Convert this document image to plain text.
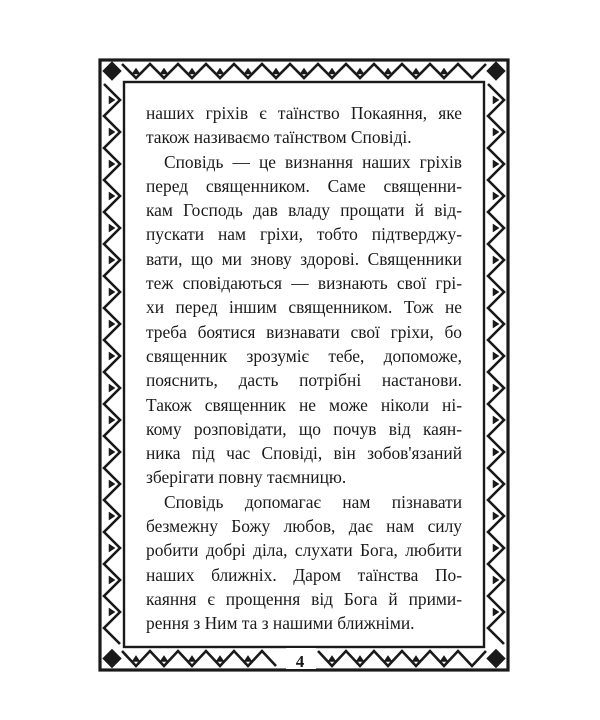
наших гріхів є таїнство Покаяння, яке
також називаємо таїнством Сповіді.
Сповідь — це визнання наших гріхів
перед священником. Саме священни-
кам Господь дав владу прощати й від-
пускати нам гріхи, тобто підтверджу-
вати, що ми знову здорові. Священники
теж сповідаються — визнають свої грі-
хи перед іншим священником. Тож не
треба боятися визнавати свої гріхи, бо
священник зрозуміє тебе, допоможе,
пояснить, дасть потрібні настанови.
Також священник не може ніколи ні-
кому розповідати, що почув від каян-
ника під час Сповіді, він зобов'язаний
зберігати повну таємницю.
Сповідь допомагає нам пізнавати
безмежну Божу любов, дає нам силу
робити добрі діла, слухати Бога, любити
наших ближніх. Даром таїнства По-
каяння є прощення від Бога й прими-
рення з Ним та з нашими ближніми.
4
